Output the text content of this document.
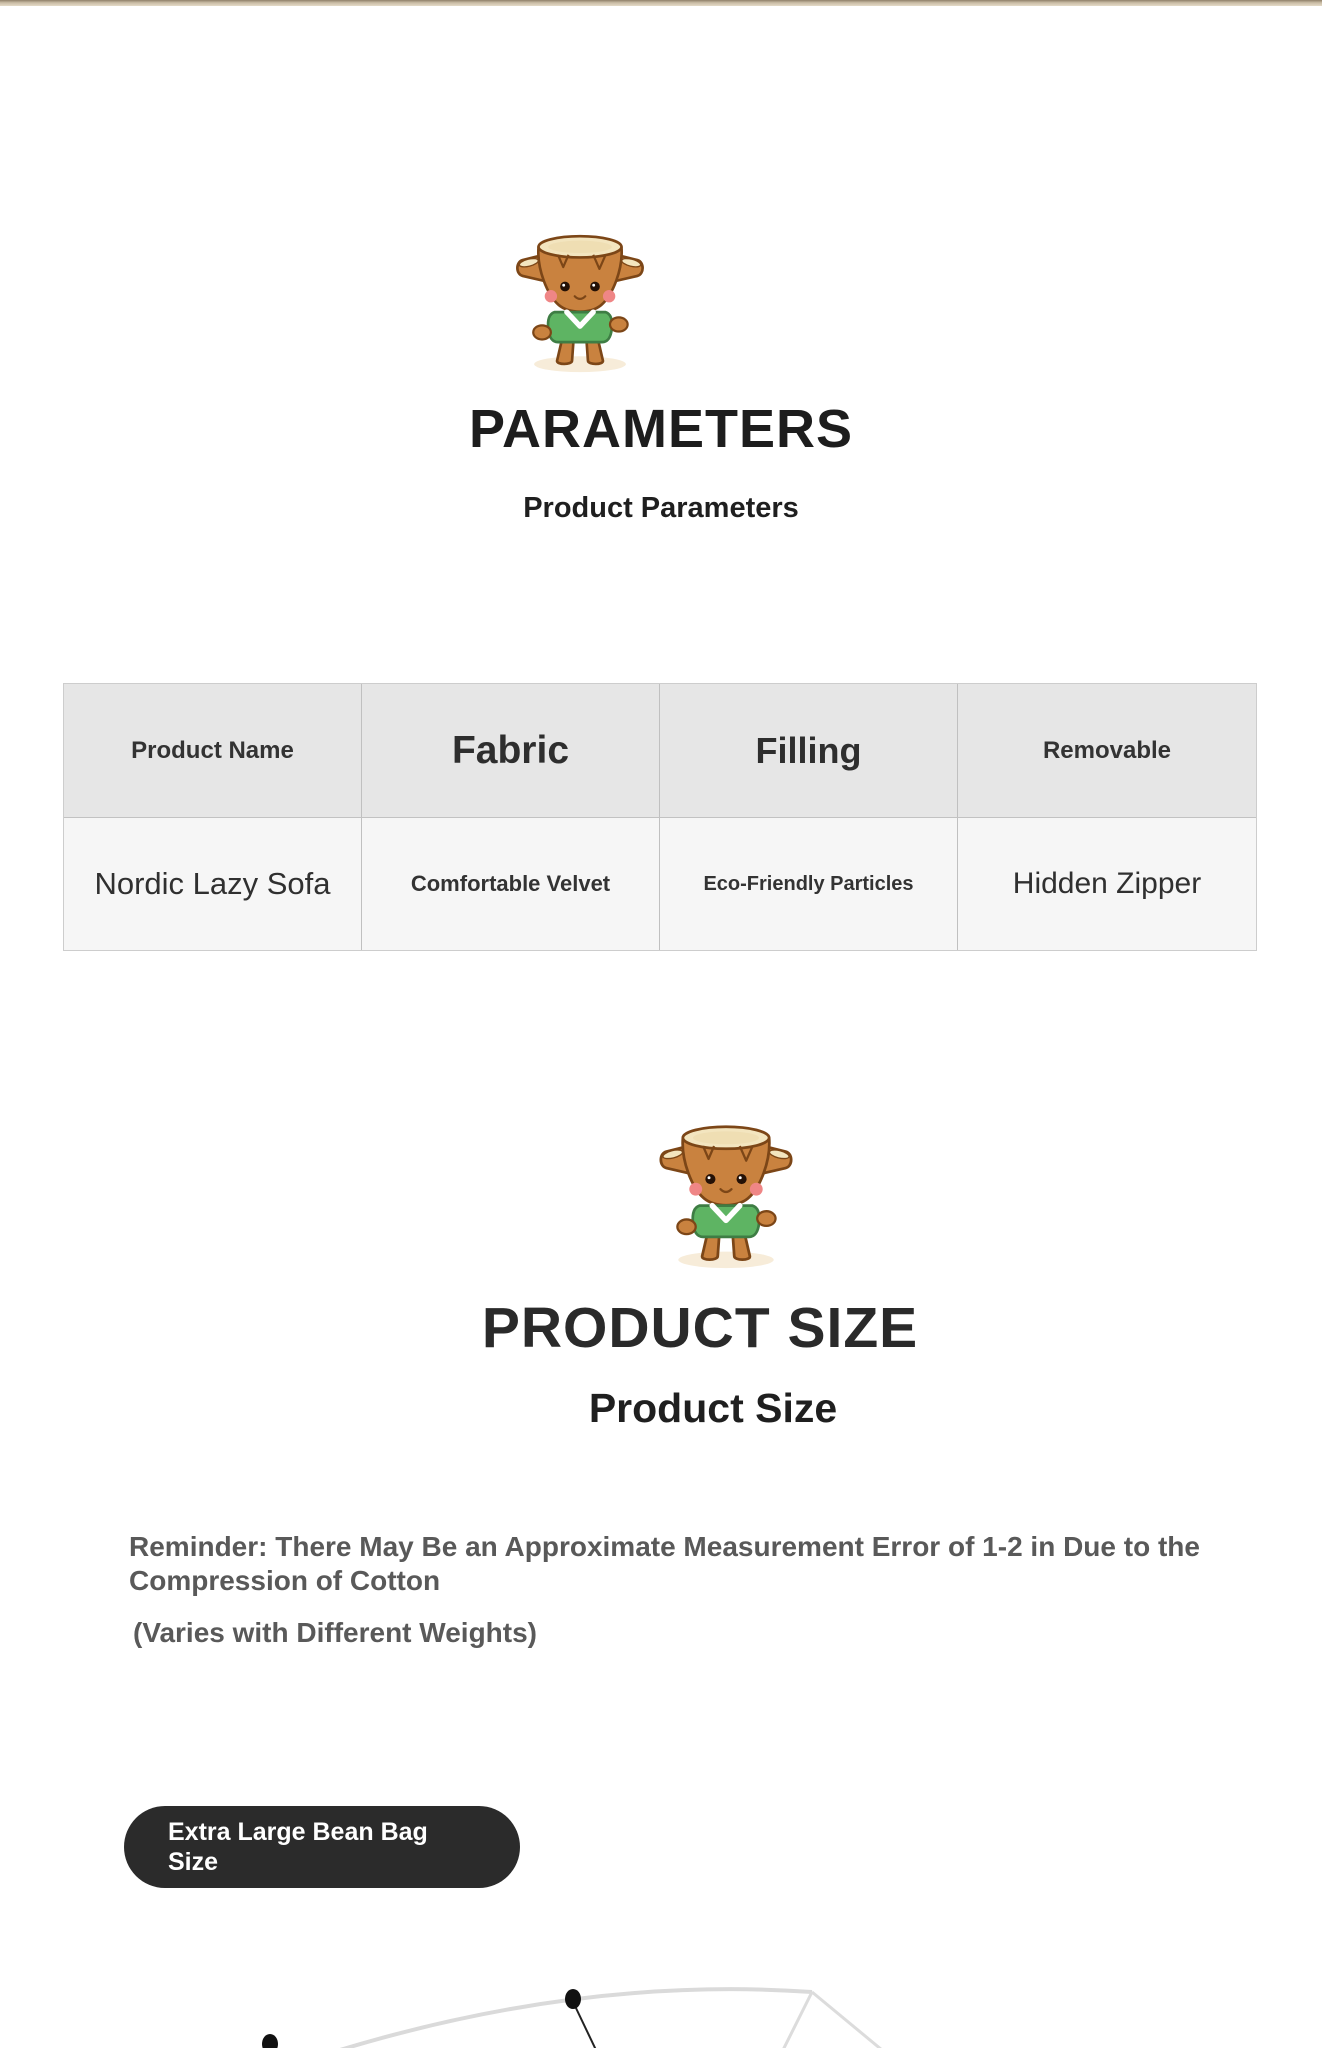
PARAMETERS
Product Parameters
Product Name	Fabric	Filling	Removable
Nordic Lazy Sofa	Comfortable Velvet	Eco-Friendly Particles	Hidden Zipper
PRODUCT SIZE
Product Size
Reminder: There May Be an Approximate Measurement Error of 1-2 in Due to the
Compression of Cotton
(Varies with Different Weights)
Extra Large Bean Bag
Size
